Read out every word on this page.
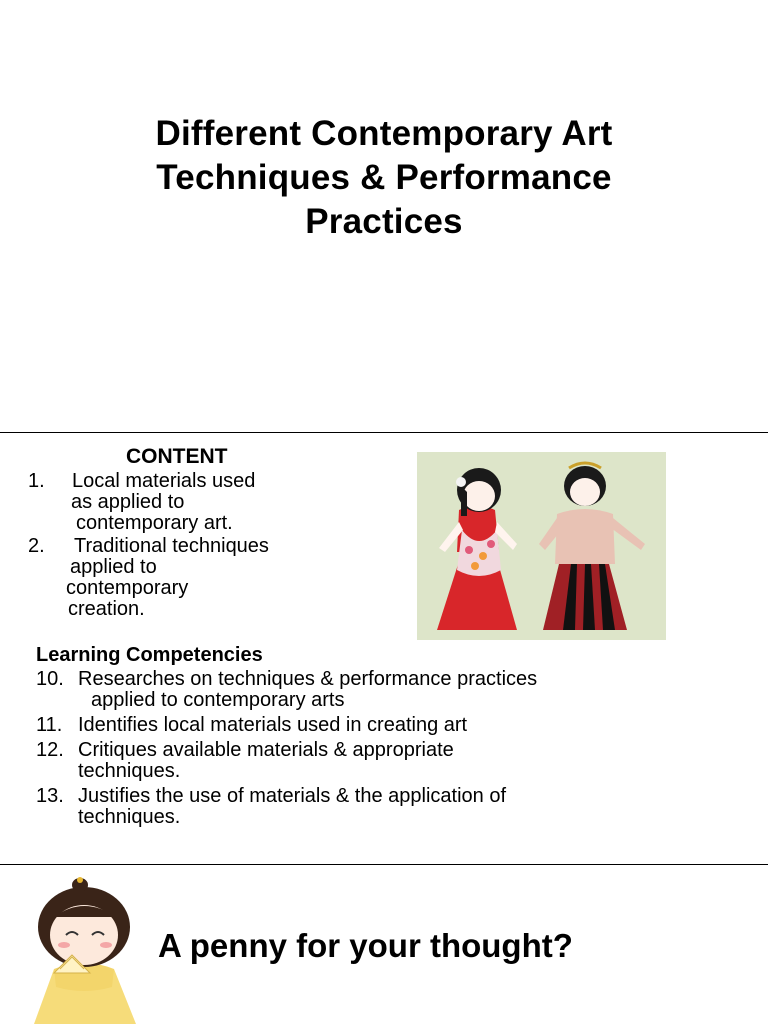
Different Contemporary Art
Techniques & Performance
Practices
CONTENT
1. Local materials used
as applied to
contemporary art.
2. Traditional techniques
applied to
contemporary
creation.
Learning Competencies
10. Researches on techniques & performance practices
applied to contemporary arts
11. Identifies local materials used in creating art
12. Critiques available materials & appropriate
techniques.
13. Justifies the use of materials & the application of
techniques.
A penny for your thought?
